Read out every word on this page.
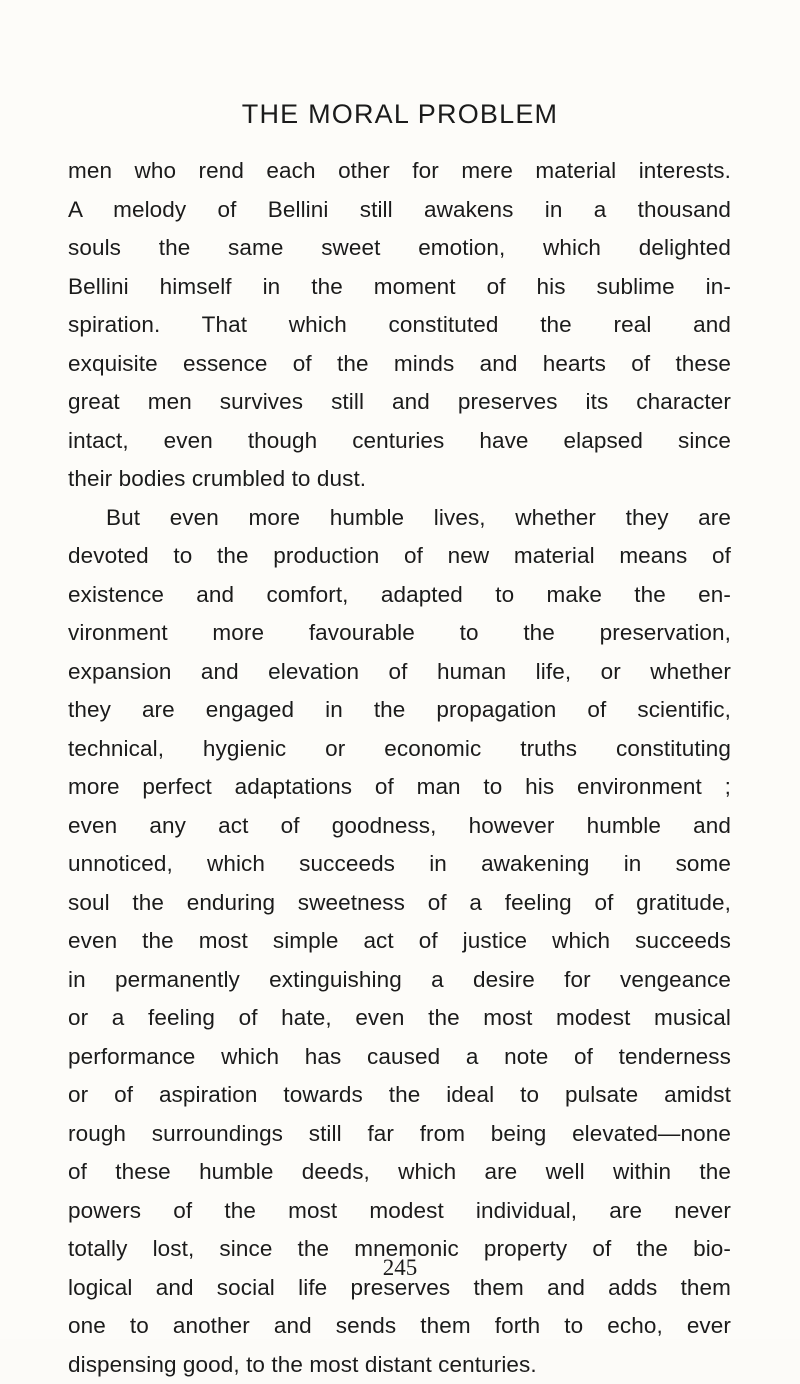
THE MORAL PROBLEM
men who rend each other for mere material interests.
A melody of Bellini still awakens in a thousand
souls the same sweet emotion, which delighted
Bellini himself in the moment of his sublime in-
spiration. That which constituted the real and
exquisite essence of the minds and hearts of these
great men survives still and preserves its character
intact, even though centuries have elapsed since
their bodies crumbled to dust.
But even more humble lives, whether they are
devoted to the production of new material means of
existence and comfort, adapted to make the en-
vironment more favourable to the preservation,
expansion and elevation of human life, or whether
they are engaged in the propagation of scientific,
technical, hygienic or economic truths constituting
more perfect adaptations of man to his environment ;
even any act of goodness, however humble and
unnoticed, which succeeds in awakening in some
soul the enduring sweetness of a feeling of gratitude,
even the most simple act of justice which succeeds
in permanently extinguishing a desire for vengeance
or a feeling of hate, even the most modest musical
performance which has caused a note of tenderness
or of aspiration towards the ideal to pulsate amidst
rough surroundings still far from being elevated—none
of these humble deeds, which are well within the
powers of the most modest individual, are never
totally lost, since the mnemonic property of the bio-
logical and social life preserves them and adds them
one to another and sends them forth to echo, ever
dispensing good, to the most distant centuries.
245
